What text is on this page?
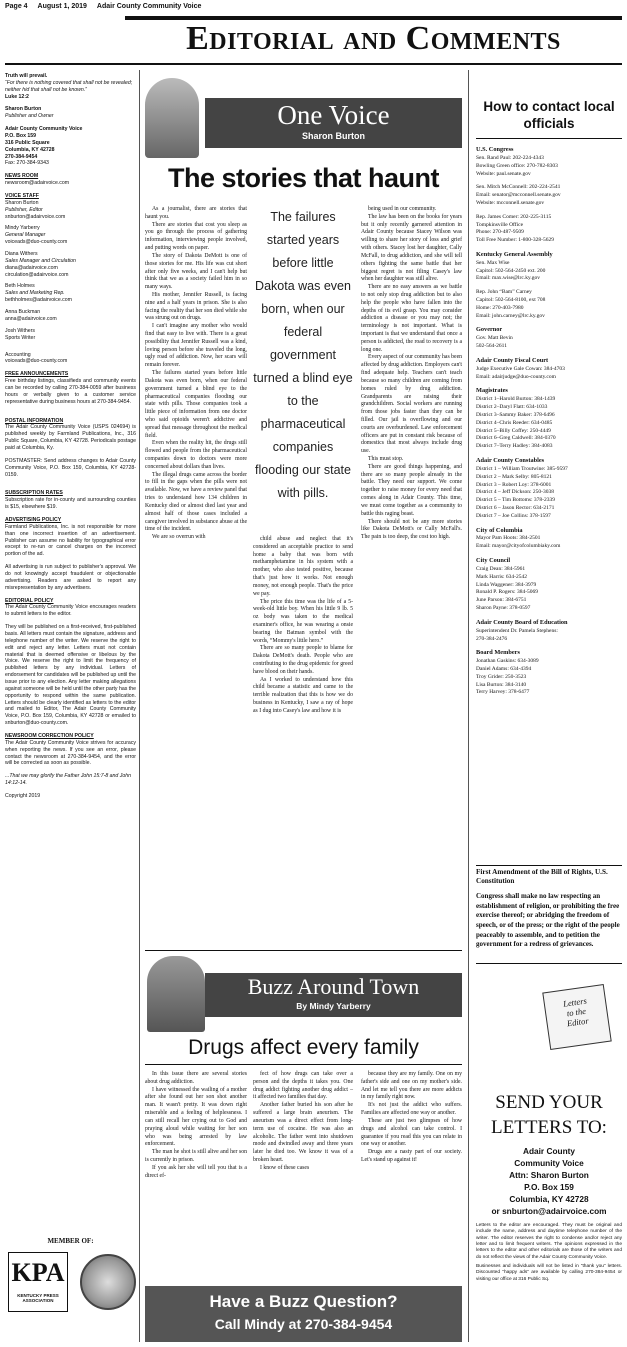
Page 4 August 1, 2019 Adair County Community Voice
Editorial and Comments

Truth will prevail.

“For there is nothing covered that shall not be revealed;

neither hid that shall not be known.”

Luke 12:2

Sharon Burton

Publisher and Owner

Adair County Community Voice

P.O. Box 159

316 Public Square

Columbia, KY 42728

270-384-9454

Fax: 270-384-9343

NEWS ROOM

newsroom@adairvoice.com

VOICE STAFF

Sharon Burton

Publisher, Editor

snburton@adairvoice.com

Mindy Yarberry

General Manager

voiceads@duo-county.com

Diana Withers

Sales Manager and Circulation

diana@adairvoice.com

circulation@adairvoice.com

Beth Holmes

Sales and Marketing Rep.

bethholmes@adairvoice.com

Anna Buckman

anna@adairvoice.com

Josh Withers

Sports Writer

Accounting

voiceads@duo-county.com

FREE ANNOUNCEMENTS

Free birthday listings, classifieds and community events can be recorded by calling 270-384-0059 after business hours or verbally given to a customer service representative during business hours at 270-384-9454.

POSTAL INFORMATION

The Adair County Community Voice (USPS 024694) is published weekly by Farmland Publications, Inc., 316 Public Square, Columbia, KY 42728. Periodicals postage paid at Columbia, Ky.

POSTMASTER: Send address changes to Adair County Community Voice, P.O. Box 159, Columbia, KY 42728-0159.

SUBSCRIPTION RATES

Subscription rate for in-county and surrounding counties is $15, elsewhere $19.

ADVERTISING POLICY

Farmland Publications, Inc. is not responsible for more than one incorrect insertion of an advertisement. Publisher can assume no liability for typographical error except to re-run or cancel charges on the incorrect portion of the ad.

All advertising is run subject to publisher's approval. We do not knowingly accept fraudulent or objectionable advertising. Readers are asked to report any misrepresentation by any advertisers.

EDITORIAL POLICY

The Adair County Community Voice encourages readers to submit letters to the editor.

They will be published on a first-received, first-published basis. All letters must contain the signature, address and telephone number of the writer. We reserve the right to edit and reject any letter. Letters must not contain material that is deemed offensive or libelous by the Voice. We reserve the right to limit the frequency of published letters by any individual. Letters of endorsement for candidates will be published up until the issue prior to any election. Any letter making allegations against someone will be held until the other party has the opportunity to respond within the same publication. Letters should be clearly identified as letters to the editor and mailed to Editor, The Adair County Community Voice, P.O. Box 159, Columbia, KY 42728 or emailed to snburton@duo-county.com.

NEWSROOM CORRECTION POLICY

The Adair County Community Voice strives for accuracy when reporting the news. If you see an error, please contact the newsroom at 270-384-9454, and the error will be corrected as soon as possible.

...That we may glorify the Father John 15:7-8 and John 14:12-14.

Copyright 2019

MEMBER OF:
KPA
KENTUCKY PRESS ASSOCIATION
One Voice
Sharon Burton
The stories that haunt

As a journalist, there are stories that haunt you.

There are stories that cost you sleep as you go through the process of gathering information, interviewing people involved, and putting words on paper.

The story of Dakota DeMott is one of those stories for me. His life was cut short after only five weeks, and I can't help but think that we as a society failed him in so many ways.

His mother, Jennifer Russell, is facing nine and a half years in prison. She is also facing the reality that her son died while she was strung out on drugs.

I can't imagine any mother who would find that easy to live with. There is a great possibility that Jennifer Russell was a kind, loving person before she traveled the long, ugly road of addiction. Now, her scars will remain forever.

The failures started years before little Dakota was even born, when our federal government turned a blind eye to the pharmaceutical companies flooding our state with pills. Those companies took a little piece of information from one doctor who said opioids weren't addictive and spread that message throughout the medical field.

Even when the reality hit, the drugs still flowed and people from the pharmaceutical companies down to doctors were more concerned about dollars than lives.

The illegal drugs came across the border to fill in the gaps when the pills were not available. Now, we have a review panel that tries to understand how 134 children in Kentucky died or almost died last year and almost half of those cases included a caregiver involved in substance abuse at the time of the incident.

We are so overrun with

The failures started years before little Dakota was even born, when our federal government turned a blind eye to the pharmaceutical companies flooding our state with pills.

child abuse and neglect that it's considered an acceptable practice to send home a baby that was born with methamphetamine in his system with a mother, who also tested positive, because that's just how it works. Not enough money, not enough people. That's the price we pay.

The price this time was the life of a 5-week-old little boy. When his little 9 lb. 5 oz body was taken to the medical examiner's office, he was wearing a onsie bearing the Batman symbol with the words, “Mommy's little hero.”

There are so many people to blame for Dakota DeMott's death. People who are contributing to the drug epidemic for greed have blood on their hands.

As I worked to understand how this child became a statistic and came to the terrible realization that this is how we do business in Kentucky, I saw a ray of hope as I dug into Casey's law and how it is

being used in our community.

The law has been on the books for years but it only recently garnered attention in Adair County because Stacey Wilson was willing to share her story of loss and grief with others. Stacey lost her daughter, Cally McFall, to drug addiction, and she will tell others fighting the same battle that her biggest regret is not filing Casey's law when her daughter was still alive.

There are no easy answers as we battle to not only stop drug addiction but to also help the people who have fallen into the depths of its evil grasp. You may consider addiction a disease or you may not; the terminology is not important. What is important is that we understand that once a person is addicted, the road to recovery is a long one.

Every aspect of our community has been affected by drug addiction. Employers can't find adequate help. Teachers can't teach because so many children are coming from homes ruled by drug addiction. Grandparents are raising their grandchildren. Social workers are running from those jobs faster than they can be filled. Our jail is overflowing and our courts are overburdened. Law enforcement officers are put in constant risk because of domestics that most always include drug use.

This must stop.

There are good things happening, and there are so many people already in the battle. They need our support. We come together to raise money for every need that comes along in Adair County. This time, we must come together as a community to battle this raging beast.

There should not be any more stories like Dakota DeMott's or Cally McFall's. The pain is too deep, the cost too high.

How to contact local officials
U.S. Congress
Sen. Rand Paul: 202-224-4343
Bowling Green office: 270-782-8303
Website: paul.senate.gov
Sen. Mitch McConnell: 202-224-2541
Email: senator@mcconnell.senate.gov
Website: mcconnell.senate.gov
Rep. James Comer: 202-225-3115
Tompkinsville Office
Phone: 270-487-9509
Toll Free Number: 1-800-328-5629
Kentucky General Assembly
Sen. Max Wise
Capitol: 502-564-2450 ext. 200
Email: max.wise@lrc.ky.gov
Rep. John “Bam” Carney
Capitol: 502-564-8100, ext 708
Home: 270-403-7980
Email: john.carney@lrc.ky.gov
Governor
Gov. Matt Bevin
502-564-2611
Adair County Fiscal Court
Judge Executive Gale Cowan: 384-4703
Email: adairjudge@duo-county.com
Magistrates
District 1–Harold Burton: 384-1439
District 2–Daryl Flatt: 634-1033
District 3–Sammy Baker: 378-6496
District 4–Chris Reeder: 634-0485
District 5–Billy Coffey: 250-4449
District 6–Greg Caldwell: 384-0370
District 7–Terry Hadley: 384-4083
Adair County Constables
District 1 – William Troutwine: 385-9597
District 2 – Mark Selby: 805-8121
District 3 – Robert Loy: 378-6001
District 4 – Jeff Dickson: 250-3038
District 5 – Tim Bottoms: 378-2339
District 6 – Jason Rector: 634-2171
District 7 – Joe Collins: 378-1597
City of Columbia
Mayor Pam Hoots: 384-2501
Email: mayor@cityofcolumbiaky.com
City Council
Craig Dean: 384-5961
Mark Harris: 634-2542
Linda Waggener: 384-3979
Ronald P. Rogers: 384-5069
June Parson: 384-6751
Sharon Payne: 378-0597
Adair County Board of Education
Superintendent Dr. Pamela Stephens:
270-384-2476
Board Members
Jonathan Gaskins: 634-3089
Daniel Adams: 634-4394
Troy Grider: 250-3523
Lisa Burton: 384-3140
Terry Harvey: 378-6477
First Amendment of the Bill of Rights, U.S. Constitution
Congress shall make no law respecting an establishment of religion, or prohibiting the free exercise thereof; or abridging the freedom of speech, or of the press; or the right of the people peaceably to assemble, and to petition the government for a redress of grievances.
Buzz Around Town
By Mindy Yarberry
Drugs affect every family

In this issue there are several stories about drug addiction.

I have witnessed the wailing of a mother after she found out her son shot another man. It wasn't pretty. It was down right miserable and a feeling of helplessness. I can still recall her crying out to God and praying aloud while waiting for her son who was being arrested by law enforcement.

The man he shot is still alive and her son is currently in prison.

If you ask her she will tell you that is a direct ef-

fect of how drugs can take over a person and the depths it takes you. One drug addict fighting another drug addict – it affected two families that day.

Another father buried his son after he suffered a large brain aneurism. The aneurism was a direct effect from long-term use of cocaine. He was also an alcoholic. The father went into shutdown mode and dwindled away and three years later he died too. We know it was of a broken heart.

I know of these cases

because they are my family. One on my father's side and one on my mother's side. And let me tell you there are more addicts in my family right now.

It's not just the addict who suffers. Families are affected one way or another.

These are just two glimpses of how drugs and alcohol can take control. I guarantee if you read this you can relate in one way or another.

Drugs are a nasty part of our society. Let's stand up against it!

Have a Buzz Question?
Call Mindy at 270-384-9454
Letters
to the
Editor
SEND YOUR LETTERS TO:
Adair County
Community Voice
Attn: Sharon Burton
P.O. Box 159
Columbia, KY 42728
or snburton@adairvoice.com
Letters to the editor are encouraged. They must be original and include the name, address and daytime telephone number of the writer. The editor reserves the right to condense and/or reject any letter and to limit frequent writers. The opinions expressed in the letters to the editor and other editorials are those of the writers and do not reflect the views of the Adair County Community Voice.
Businesses and individuals will not be listed in “thank you” letters. Discounted “happy ads” are available by calling 270-384-9454 or visiting our office at 316 Public Sq.
